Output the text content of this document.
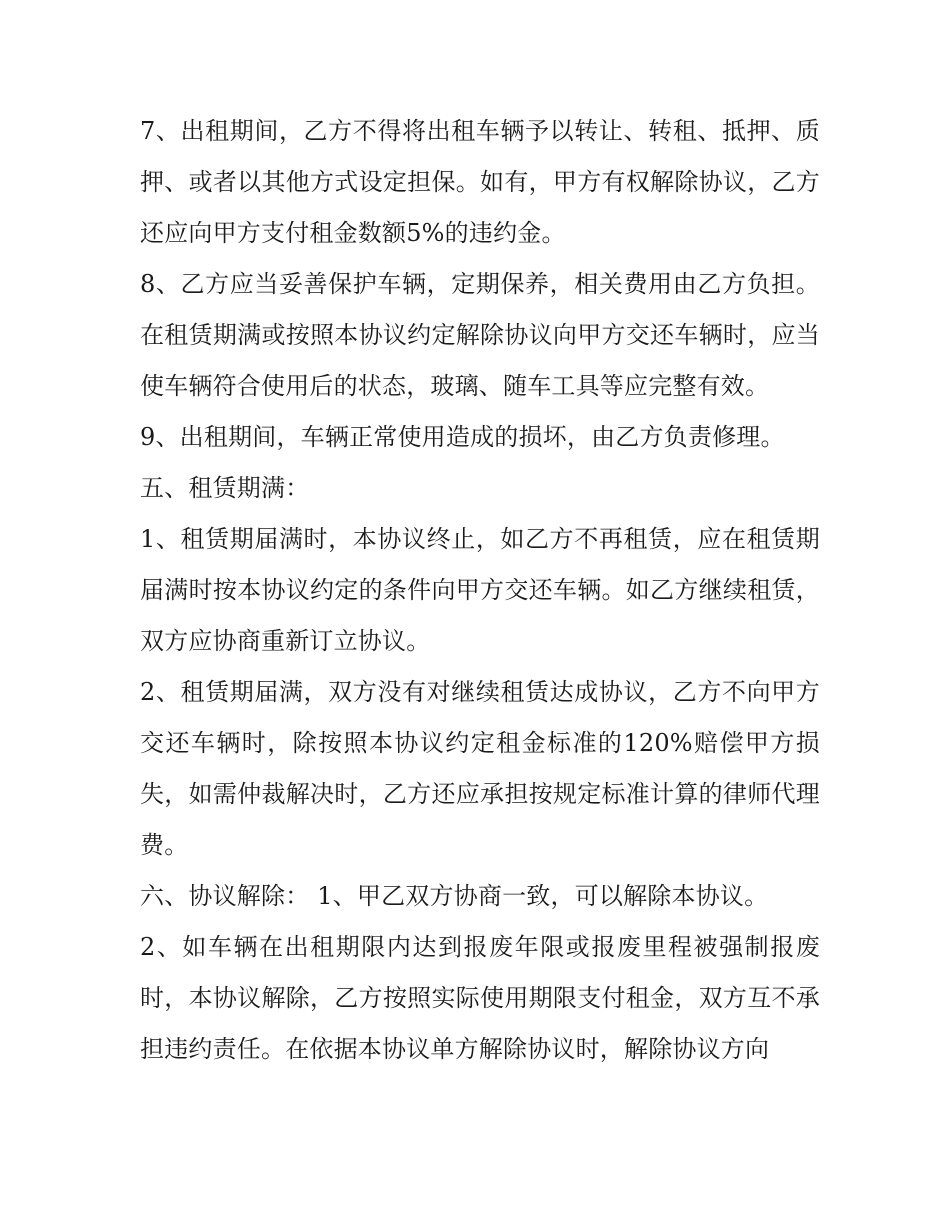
7、出租期间，乙方不得将出租车辆予以转让、转租、抵押、质押、或者以其他方式设定担保。如有，甲方有权解除协议，乙方还应向甲方支付租金数额5%的违约金。

8、乙方应当妥善保护车辆，定期保养，相关费用由乙方负担。在租赁期满或按照本协议约定解除协议向甲方交还车辆时，应当使车辆符合使用后的状态，玻璃、随车工具等应完整有效。

9、出租期间，车辆正常使用造成的损坏，由乙方负责修理。

五、租赁期满：

1、租赁期届满时，本协议终止，如乙方不再租赁，应在租赁期届满时按本协议约定的条件向甲方交还车辆。如乙方继续租赁，双方应协商重新订立协议。

2、租赁期届满，双方没有对继续租赁达成协议，乙方不向甲方交还车辆时，除按照本协议约定租金标准的120%赔偿甲方损失，如需仲裁解决时，乙方还应承担按规定标准计算的律师代理费。

六、协议解除： 1、甲乙双方协商一致，可以解除本协议。

2、如车辆在出租期限内达到报废年限或报废里程被强制报废时，本协议解除，乙方按照实际使用期限支付租金，双方互不承担违约责任。在依据本协议单方解除协议时，解除协议方向
